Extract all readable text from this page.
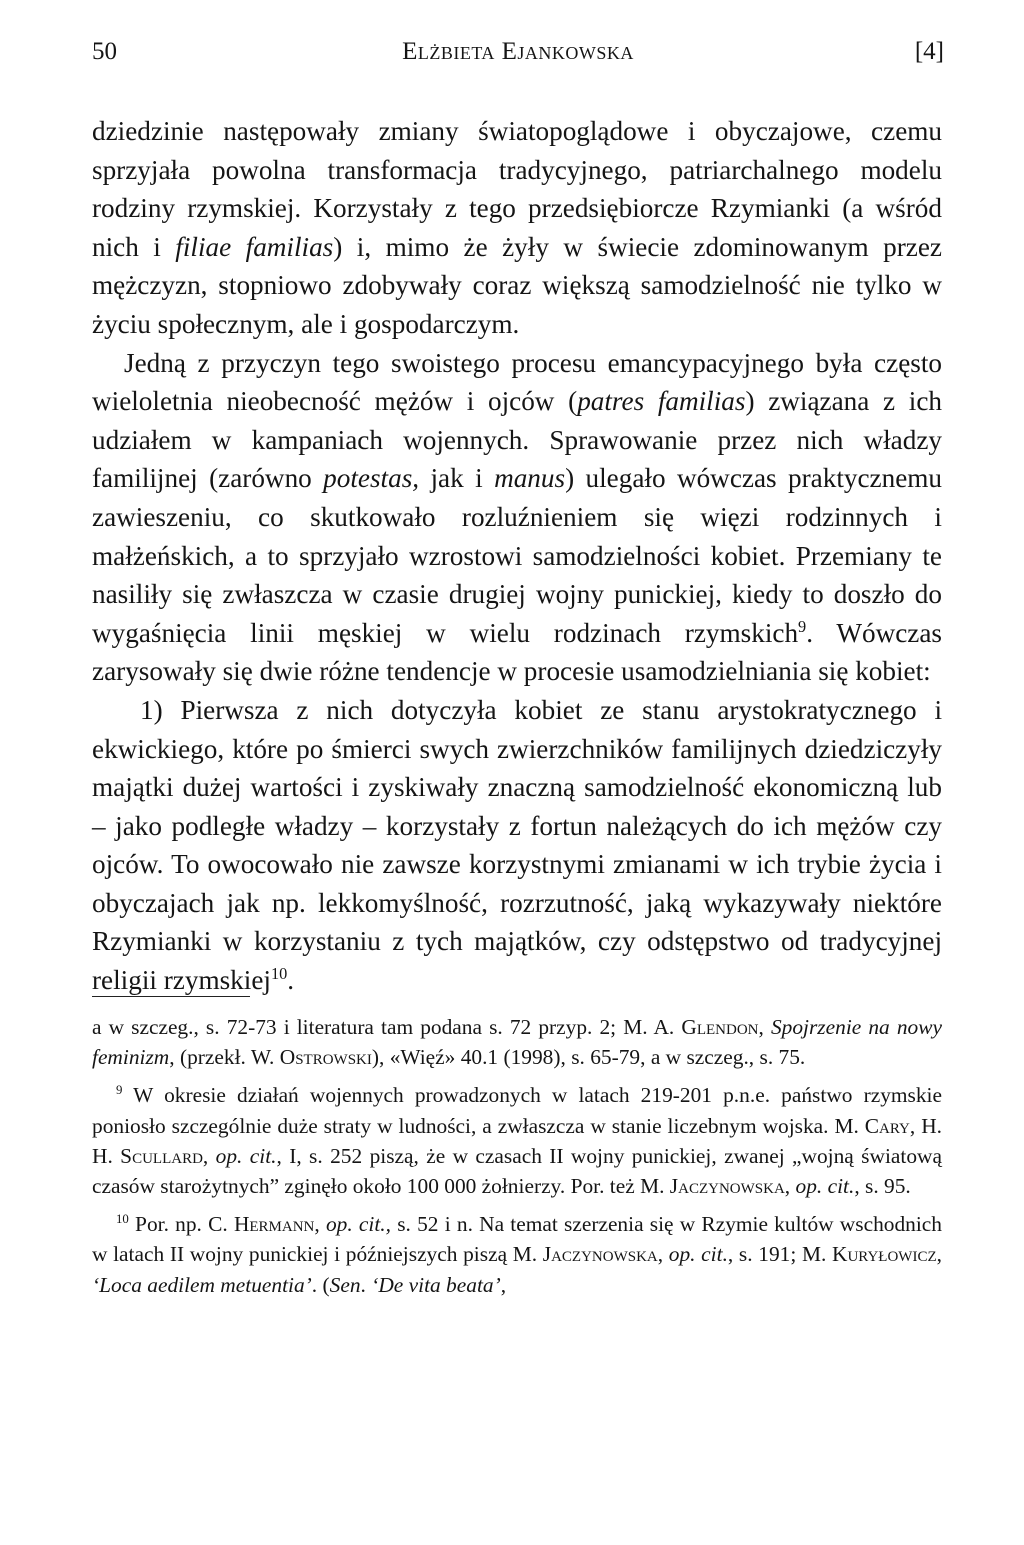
50	Elżbieta Ejankowska	[4]

dziedzinie następowały zmiany światopoglądowe i obyczajowe, czemu sprzyjała powolna transformacja tradycyjnego, patriarchalnego modelu rodziny rzymskiej. Korzystały z tego przedsiębiorcze Rzymianki (a wśród nich i filiae familias) i, mimo że żyły w świecie zdominowanym przez mężczyzn, stopniowo zdobywały coraz większą samodzielność nie tylko w życiu społecznym, ale i gospodarczym.

Jedną z przyczyn tego swoistego procesu emancypacyjnego była często wieloletnia nieobecność mężów i ojców (patres familias) związana z ich udziałem w kampaniach wojennych. Sprawowanie przez nich władzy familijnej (zarówno potestas, jak i manus) ulegało wówczas praktycznemu zawieszeniu, co skutkowało rozluźnieniem się więzi rodzinnych i małżeńskich, a to sprzyjało wzrostowi samodzielności kobiet. Przemiany te nasiliły się zwłaszcza w czasie drugiej wojny punickiej, kiedy to doszło do wygaśnięcia linii męskiej w wielu rodzinach rzymskich$^9$. Wówczas zarysowały się dwie różne tendencje w procesie usamodzielniania się kobiet:

1) Pierwsza z nich dotyczyła kobiet ze stanu arystokratycznego i ekwickiego, które po śmierci swych zwierzchników familijnych dziedziczyły majątki dużej wartości i zyskiwały znaczną samodzielność ekonomiczną lub – jako podległe władzy – korzystały z fortun należących do ich mężów czy ojców. To owocowało nie zawsze korzystnymi zmianami w ich trybie życia i obyczajach jak np. lekkomyślność, rozrzutność, jaką wykazywały niektóre Rzymianki w korzystaniu z tych majątków, czy odstępstwo od tradycyjnej religii rzymskiej$^{10}$.

a w szczeg., s. 72-73 i literatura tam podana s. 72 przyp. 2; M. A. Glendon, Spojrzenie na nowy feminizm, (przekł. W. Ostrowski), «Więź» 40.1 (1998), s. 65-79, a w szczeg., s. 75.

$^9$ W okresie działań wojennych prowadzonych w latach 219-201 p.n.e. państwo rzymskie poniosło szczególnie duże straty w ludności, a zwłaszcza w stanie liczebnym wojska. M. Cary, H. H. Scullard, op. cit., I, s. 252 piszą, że w czasach II wojny punickiej, zwanej „wojną światową czasów starożytnych” zginęło około 100 000 żołnierzy. Por. też M. Jaczynowska, op. cit., s. 95.

$^{10}$ Por. np. C. Hermann, op. cit., s. 52 i n. Na temat szerzenia się w Rzymie kultów wschodnich w latach II wojny punickiej i późniejszych piszą M. Jaczynowska, op. cit., s. 191; M. Kuryłowicz, ‘Loca aedilem metuentia’. (Sen. ‘De vita beata’,
